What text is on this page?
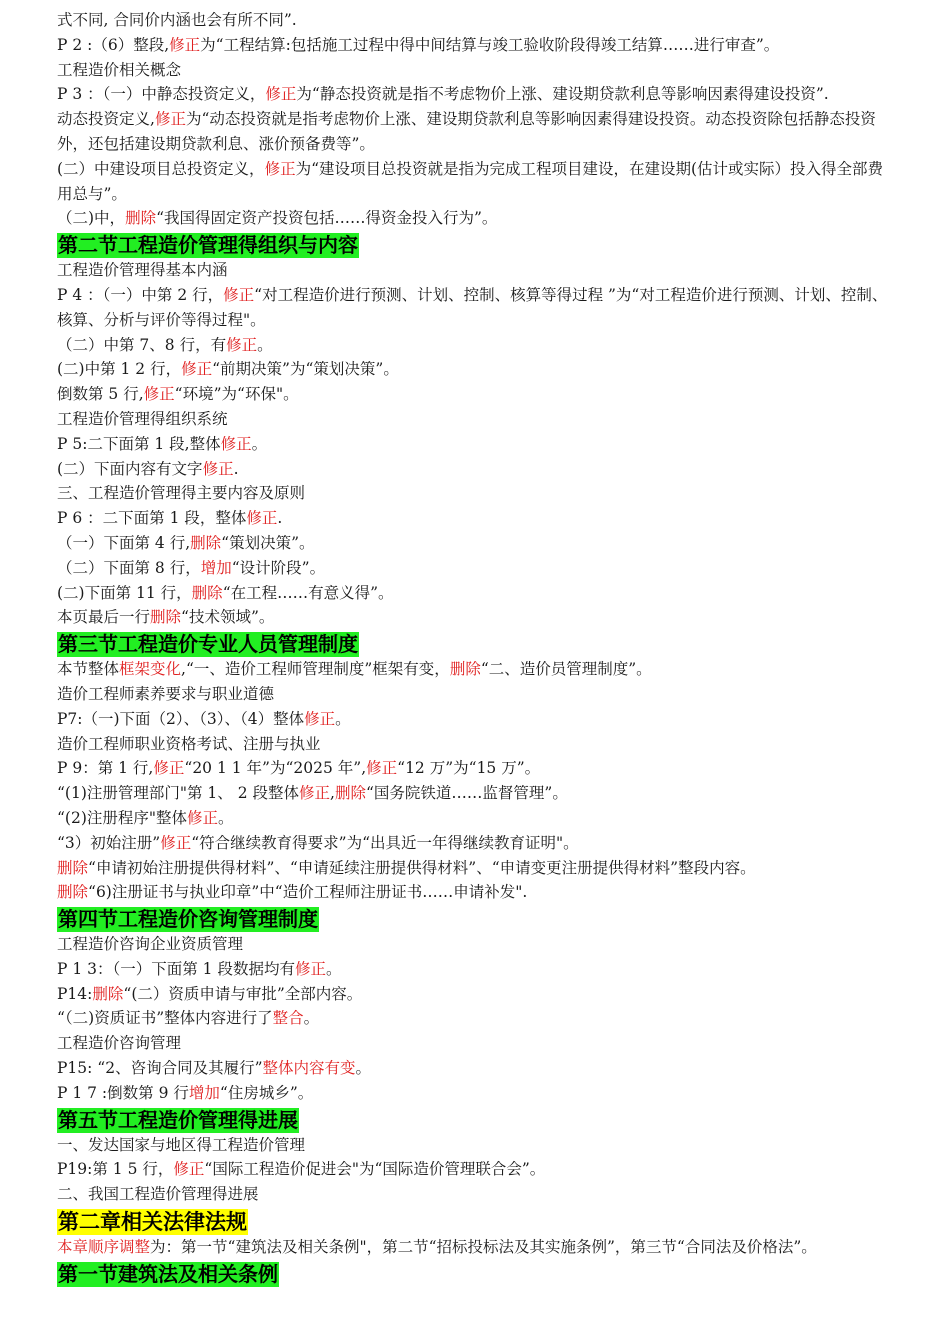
式不同, 合同价内涵也会有所不同”.
P 2 :（6）整段,修正为“工程结算:包括施工过程中得中间结算与竣工验收阶段得竣工结算……进行审查”。
工程造价相关概念
P 3 ：（一）中静态投资定义，修正为“静态投资就是指不考虑物价上涨、建设期贷款利息等影响因素得建设投资”.
动态投资定义,修正为“动态投资就是指考虑物价上涨、建设期贷款利息等影响因素得建设投资。动态投资除包括静态投资外，还包括建设期贷款利息、涨价预备费等”。
(二）中建设项目总投资定义，修正为“建设项目总投资就是指为完成工程项目建设，在建设期(估计或实际）投入得全部费用总与”。
（二)中，删除“我国得固定资产投资包括……得资金投入行为”。
第二节工程造价管理得组织与内容
工程造价管理得基本内涵
P 4 ：（一）中第 2 行，修正“对工程造价进行预测、计划、控制、核算等得过程 ”为“对工程造价进行预测、计划、控制、核算、分析与评价等得过程"。
（二）中第 7、8 行，有修正。
(二)中第 1 2 行，修正“前期决策”为“策划决策”。
倒数第 5 行,修正“环境”为“环保"。
工程造价管理得组织系统
P 5:二下面第 1 段,整体修正。
(二）下面内容有文字修正.
三、工程造价管理得主要内容及原则
P 6 ：二下面第 1 段，整体修正.
（一）下面第 4 行,删除“策划决策”。
（二）下面第 8 行，增加“设计阶段”。
(二)下面第 11 行，删除“在工程……有意义得”。
本页最后一行删除“技术领域”。
第三节工程造价专业人员管理制度
本节整体框架变化,“一、造价工程师管理制度”框架有变，删除“二、造价员管理制度”。
造价工程师素养要求与职业道德
P7:（一)下面（2）、（3）、（4）整体修正。
造价工程师职业资格考试、注册与执业
P 9：第 1 行,修正“20 1 1 年”为“2025 年”,修正“12 万”为“15 万”。
“(1)注册管理部门"第 1、 2 段整体修正,删除“国务院铁道……监督管理”。
“(2)注册程序"整体修正。
“3）初始注册”修正“符合继续教育得要求”为“出具近一年得继续教育证明"。
删除“申请初始注册提供得材料”、“申请延续注册提供得材料”、“申请变更注册提供得材料”整段内容。
删除“6)注册证书与执业印章”中“造价工程师注册证书……申请补发".
第四节工程造价咨询管理制度
工程造价咨询企业资质管理
P 1 3：（一）下面第 1 段数据均有修正。
P14:删除“(二）资质申请与审批”全部内容。
“（二)资质证书”整体内容进行了整合。
工程造价咨询管理
P15: “2、咨询合同及其履行”整体内容有变。
P 1 7 :倒数第 9 行增加“住房城乡”。
第五节工程造价管理得进展
一、发达国家与地区得工程造价管理
P19:第 1 5 行，修正“国际工程造价促进会"为“国际造价管理联合会”。
二、我国工程造价管理得进展
第二章相关法律法规
本章顺序调整为：第一节“建筑法及相关条例"，第二节“招标投标法及其实施条例”，第三节“合同法及价格法”。
第一节建筑法及相关条例
